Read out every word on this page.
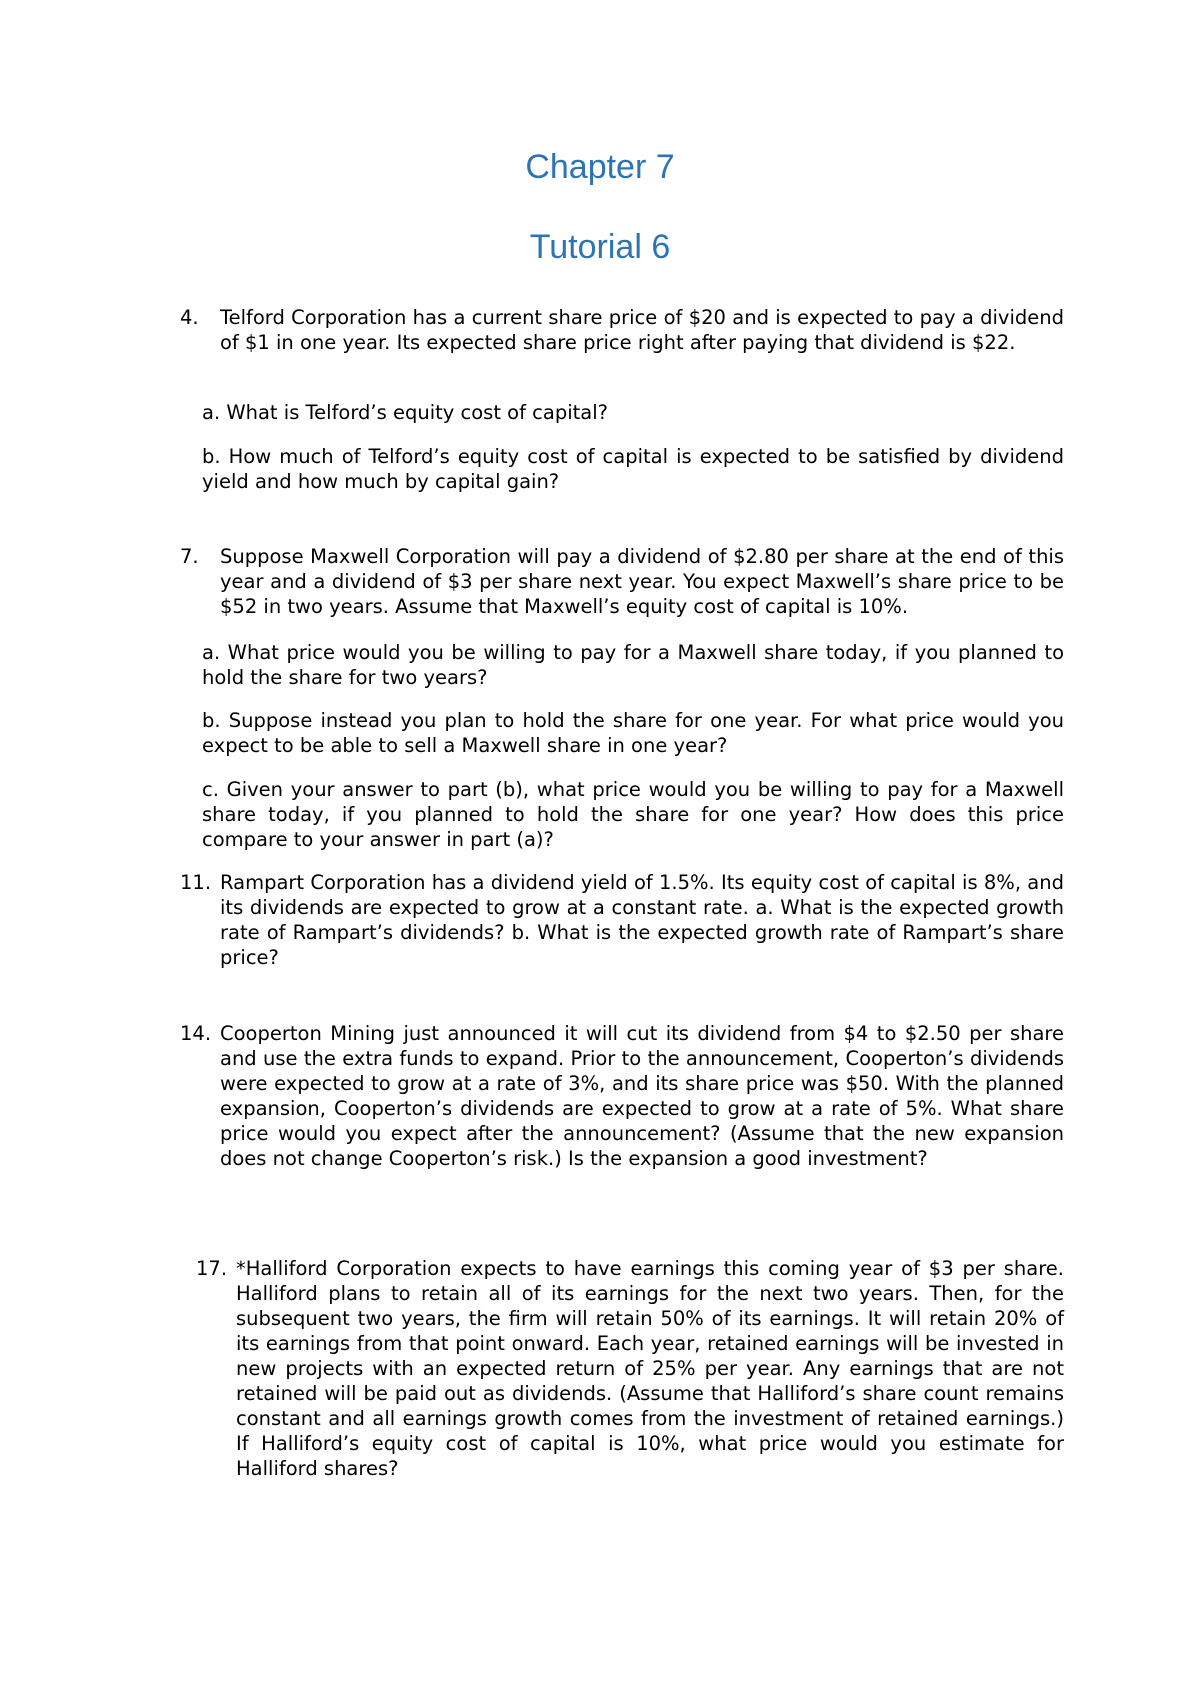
Chapter 7
Tutorial 6
4.	Telford Corporation has a current share price of $20 and is expected to pay a dividend of $1 in one year. Its expected share price right after paying that dividend is $22.

a. What is Telford’s equity cost of capital?

b. How much of Telford’s equity cost of capital is expected to be satisfied by dividend yield and how much by capital gain?

7.	Suppose Maxwell Corporation will pay a dividend of $2.80 per share at the end of this year and a dividend of $3 per share next year. You expect Maxwell’s share price to be $52 in two years. Assume that Maxwell’s equity cost of capital is 10%.

a. What price would you be willing to pay for a Maxwell share today, if you planned to hold the share for two years?

b. Suppose instead you plan to hold the share for one year. For what price would you expect to be able to sell a Maxwell share in one year?

c. Given your answer to part (b), what price would you be willing to pay for a Maxwell share today, if you planned to hold the share for one year? How does this price compare to your answer in part (a)?

11. Rampart Corporation has a dividend yield of 1.5%. Its equity cost of capital is 8%, and its dividends are expected to grow at a constant rate. a. What is the expected growth rate of Rampart’s dividends? b. What is the expected growth rate of Rampart’s share price?
14. Cooperton Mining just announced it will cut its dividend from $4 to $2.50 per share and use the extra funds to expand. Prior to the announcement, Cooperton’s dividends were expected to grow at a rate of 3%, and its share price was $50. With the planned expansion, Cooperton’s dividends are expected to grow at a rate of 5%. What share price would you expect after the announcement? (Assume that the new expansion does not change Cooperton’s risk.) Is the expansion a good investment?
17. *Halliford Corporation expects to have earnings this coming year of $3 per share. Halliford plans to retain all of its earnings for the next two years. Then, for the subsequent two years, the firm will retain 50% of its earnings. It will retain 20% of its earnings from that point onward. Each year, retained earnings will be invested in new projects with an expected return of 25% per year. Any earnings that are not retained will be paid out as dividends. (Assume that Halliford’s share count remains constant and all earnings growth comes from the investment of retained earnings.) If Halliford’s equity cost of capital is 10%, what price would you estimate for Halliford shares?
